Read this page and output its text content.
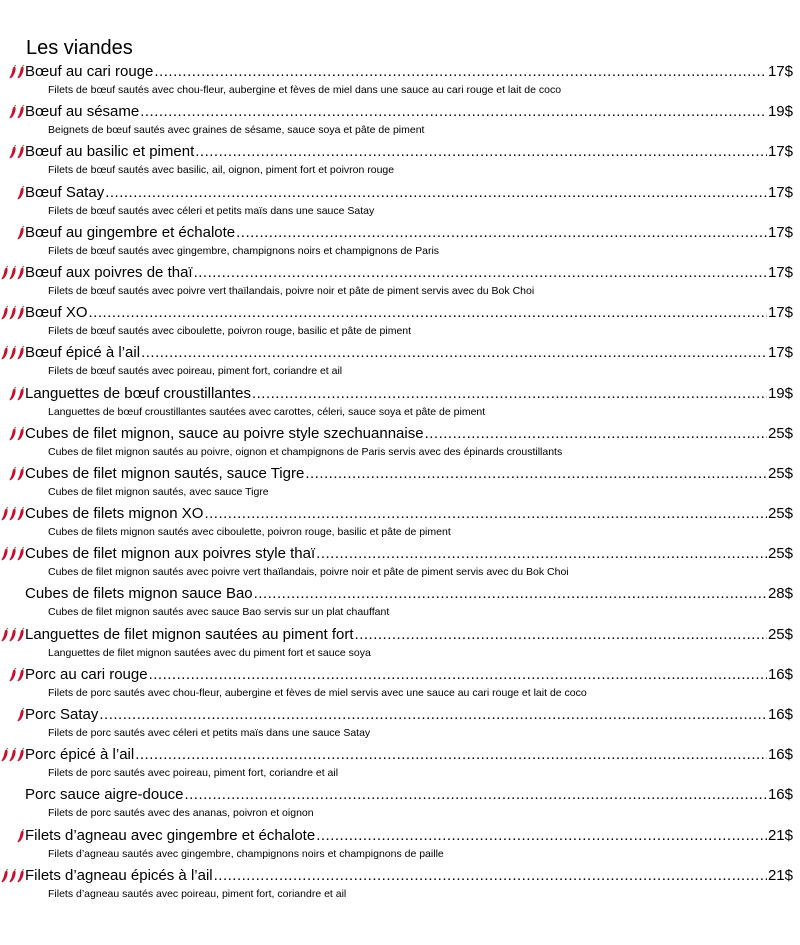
Les viandes
Bœuf au cari rouge .....	17$
Filets de bœuf sautés avec chou-fleur, aubergine et fèves de miel dans une sauce au cari rouge et lait de coco
Bœuf au sésame .....	19$
Beignets de bœuf sautés avec graines de sésame, sauce soya et pâte de piment
Bœuf au basilic et piment .....	17$
Filets de bœuf sautés avec basilic, ail, oignon, piment fort et poivron rouge
Bœuf Satay .....	17$
Filets de bœuf sautés avec céleri et petits maïs dans une sauce Satay
Bœuf au gingembre et échalote .....	17$
Filets de bœuf sautés avec gingembre, champignons noirs et champignons de Paris
Bœuf aux poivres de thaï .....	17$
Filets de bœuf sautés avec poivre vert thaïlandais, poivre noir et pâte de piment servis avec du Bok Choi
Bœuf XO .....	17$
Filets de bœuf sautés avec ciboulette, poivron rouge, basilic et pâte de piment
Bœuf épicé à l’ail .....	17$
Filets de bœuf sautés avec poireau, piment fort, coriandre et ail
Languettes de bœuf croustillantes .....	19$
Languettes de bœuf croustillantes sautées avec carottes, céleri, sauce soya et pâte de piment
Cubes de filet mignon, sauce au poivre style szechuannaise .....	25$
Cubes de filet mignon sautés au poivre, oignon et champignons de Paris servis avec des épinards croustillants
Cubes de filet mignon sautés, sauce Tigre .....	25$
Cubes de filet mignon sautés, avec sauce Tigre
Cubes de filets mignon XO .....	25$
Cubes de filets mignon sautés avec ciboulette, poivron rouge, basilic et pâte de piment
Cubes de filet mignon aux poivres style thaï .....	25$
Cubes de filet mignon sautés avec poivre vert thaïlandais, poivre noir et pâte de piment servis avec du Bok Choi
Cubes de filets mignon sauce Bao .....	28$
Cubes de filet mignon sautés avec sauce Bao servis sur un plat chauffant
Languettes de filet mignon sautées au piment fort .....	25$
Languettes de filet mignon sautées avec du piment fort et sauce soya
Porc au cari rouge .....	16$
Filets de porc sautés avec chou-fleur, aubergine et fèves de miel servis avec une sauce au cari rouge et lait de coco
Porc Satay .....	16$
Filets de porc sautés avec céleri et petits maïs dans une sauce Satay
Porc épicé à l’ail .....	16$
Filets de porc sautés avec poireau, piment fort, coriandre et ail
Porc sauce aigre-douce .....	16$
Filets de porc sautés avec des ananas, poivron et oignon
Filets d’agneau avec gingembre et échalote .....	21$
Filets d’agneau sautés avec gingembre, champignons noirs et champignons de paille
Filets d’agneau épicés à l’ail .....	21$
Filets d’agneau sautés avec poireau, piment fort, coriandre et ail
